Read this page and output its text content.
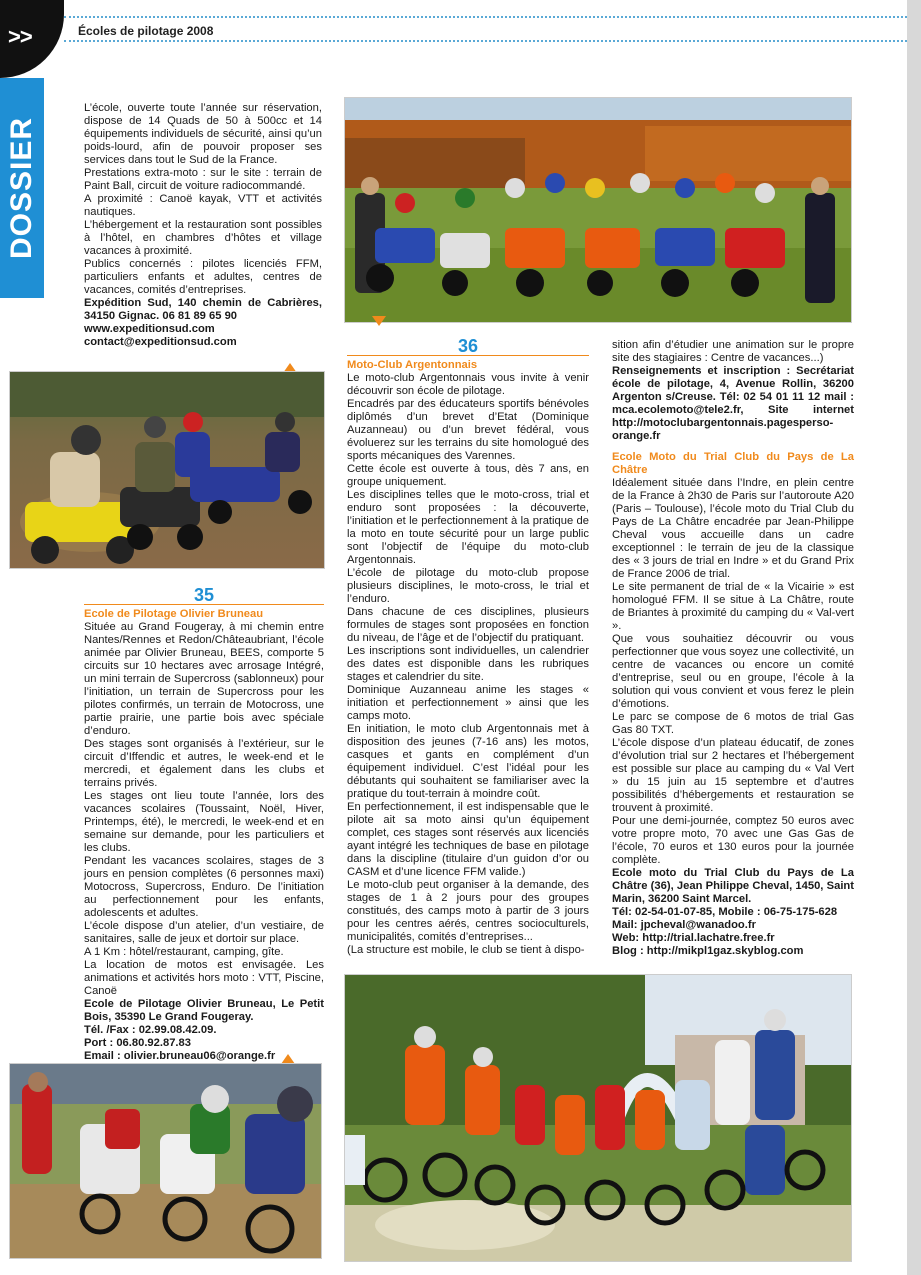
>>	Écoles de pilotage 2008
DOSSIER

L’école, ouverte toute l’année sur réservation, dispose de 14 Quads de 50 à 500cc et 14 équipements individuels de sécurité, ainsi qu’un poids-lourd, afin de pouvoir proposer ses services dans tout le Sud de la France.

Prestations extra-moto : sur le site : terrain de Paint Ball, circuit de voiture radiocommandé.

A proximité : Canoë kayak, VTT et activités nautiques.

L’hébergement et la restauration sont possibles à l’hôtel, en chambres d’hôtes et village vacances à proximité.

Publics concernés : pilotes licenciés FFM, particuliers enfants et adultes, centres de vacances, comités d’entreprises.

Expédition Sud, 140 chemin de Cabrières, 34150 Gignac. 06 81 89 65 90

www.expeditionsud.com

contact@expeditionsud.com

35

Ecole de Pilotage Olivier Bruneau

Située au Grand Fougeray, à mi chemin entre Nantes/Rennes et Redon/Châteaubriant, l’école animée par Olivier Bruneau, BEES, comporte 5 circuits sur 10 hectares avec arrosage Intégré, un mini terrain de Supercross (sablonneux) pour l’initiation, un terrain de Supercross pour les pilotes confirmés, un terrain de Motocross, une partie prairie, une partie bois avec spéciale d’enduro.

Des stages sont organisés à l’extérieur, sur le circuit d’Iffendic et autres, le week-end et le mercredi, et également dans les clubs et terrains privés.

Les stages ont lieu toute l’année, lors des vacances scolaires (Toussaint, Noël, Hiver, Printemps, été), le mercredi, le week-end et en semaine sur demande, pour les particuliers et les clubs.

Pendant les vacances scolaires, stages de 3 jours en pension complètes (6 personnes maxi) Motocross, Supercross, Enduro. De l’initiation au perfectionnement pour les enfants, adolescents et adultes.

L’école dispose d’un atelier, d’un vestiaire, de sanitaires, salle de jeux et dortoir sur place.

A 1 Km : hôtel/restaurant, camping, gîte.

La location de motos est envisagée. Les animations et activités hors moto : VTT, Piscine, Canoë

Ecole de Pilotage Olivier Bruneau, Le Petit Bois, 35390 Le Grand Fougeray.

Tél. /Fax : 02.99.08.42.09.

Port : 06.80.92.87.83

Email : olivier.bruneau06@orange.fr

36

Moto-Club Argentonnais

Le moto-club Argentonnais vous invite à venir découvrir son école de pilotage.

Encadrés par des éducateurs sportifs bénévoles diplômés d’un brevet d’Etat (Dominique Auzanneau) ou d’un brevet fédéral, vous évoluerez sur les terrains du site homologué des sports mécaniques des Varennes.

Cette école est ouverte à tous, dès 7 ans, en groupe uniquement.

Les disciplines telles que le moto-cross, trial et enduro sont proposées : la découverte, l’initiation et le perfectionnement à la pratique de la moto en toute sécurité pour un large public sont l’objectif de l’équipe du moto-club Argentonnais.

L’école de pilotage du moto-club propose plusieurs disciplines, le moto-cross, le trial et l’enduro.

Dans chacune de ces disciplines, plusieurs formules de stages sont proposées en fonction du niveau, de l’âge et de l’objectif du pratiquant.

Les inscriptions sont individuelles, un calendrier des dates est disponible dans les rubriques stages et calendrier du site.

Dominique Auzanneau anime les stages « initiation et perfectionnement » ainsi que les camps moto.

En initiation, le moto club Argentonnais met à disposition des jeunes (7-16 ans) les motos, casques et gants en complément d’un équipement individuel. C’est l’idéal pour les débutants qui souhaitent se familiariser avec la pratique du tout-terrain à moindre coût.

En perfectionnement, il est indispensable que le pilote ait sa moto ainsi qu’un équipement complet, ces stages sont réservés aux licenciés ayant intégré les techniques de base en pilotage dans la discipline (titulaire d’un guidon d’or ou CASM et d’une licence FFM valide.)

Le moto-club peut organiser à la demande, des stages de 1 à 2 jours pour des groupes constitués, des camps moto à partir de 3 jours pour les centres aérés, centres socioculturels, municipalités, comités d’entreprises...

(La structure est mobile, le club se tient à dispo-

sition afin d’étudier une animation sur le propre site des stagiaires : Centre de vacances...)

Renseignements et inscription : Secrétariat école de pilotage, 4, Avenue Rollin, 36200 Argenton s/Creuse. Tél: 02 54 01 11 12 mail : mca.ecolemoto@tele2.fr, Site internet http://motoclubargentonnais.pagesperso-orange.fr

Ecole Moto du Trial Club du Pays de La Châtre

Idéalement située dans l’Indre, en plein centre de la France à 2h30 de Paris sur l’autoroute A20 (Paris – Toulouse), l’école moto du Trial Club du Pays de La Châtre encadrée par Jean-Philippe Cheval vous accueille dans un cadre exceptionnel : le terrain de jeu de la classique des « 3 jours de trial en Indre » et du Grand Prix de France 2006 de trial.

Le site permanent de trial de « la Vicairie » est homologué FFM. Il se situe à La Châtre, route de Briantes à proximité du camping du « Val-vert ».

Que vous souhaitiez découvrir ou vous perfectionner que vous soyez une collectivité, un centre de vacances ou encore un comité d’entreprise, seul ou en groupe, l’école à la solution qui vous convient et vous ferez le plein d’émotions.

Le parc se compose de 6 motos de trial Gas Gas 80 TXT.

L’école dispose d’un plateau éducatif, de zones d’évolution trial sur 2 hectares et l’hébergement est possible sur place au camping du « Val Vert » du 15 juin au 15 septembre et d’autres possibilités d’hébergements et restauration se trouvent à proximité.

Pour une demi-journée, comptez 50 euros avec votre propre moto, 70 avec une Gas Gas de l’école, 70 euros et 130 euros pour la journée complète.

Ecole moto du Trial Club du Pays de La Châtre (36), Jean Philippe Cheval, 1450, Saint Marin, 36200 Saint Marcel.

Tél: 02-54-01-07-85, Mobile : 06-75-175-628

Mail: jpcheval@wanadoo.fr

Web: http://trial.lachatre.free.fr

Blog : http://mikpl1gaz.skyblog.com
